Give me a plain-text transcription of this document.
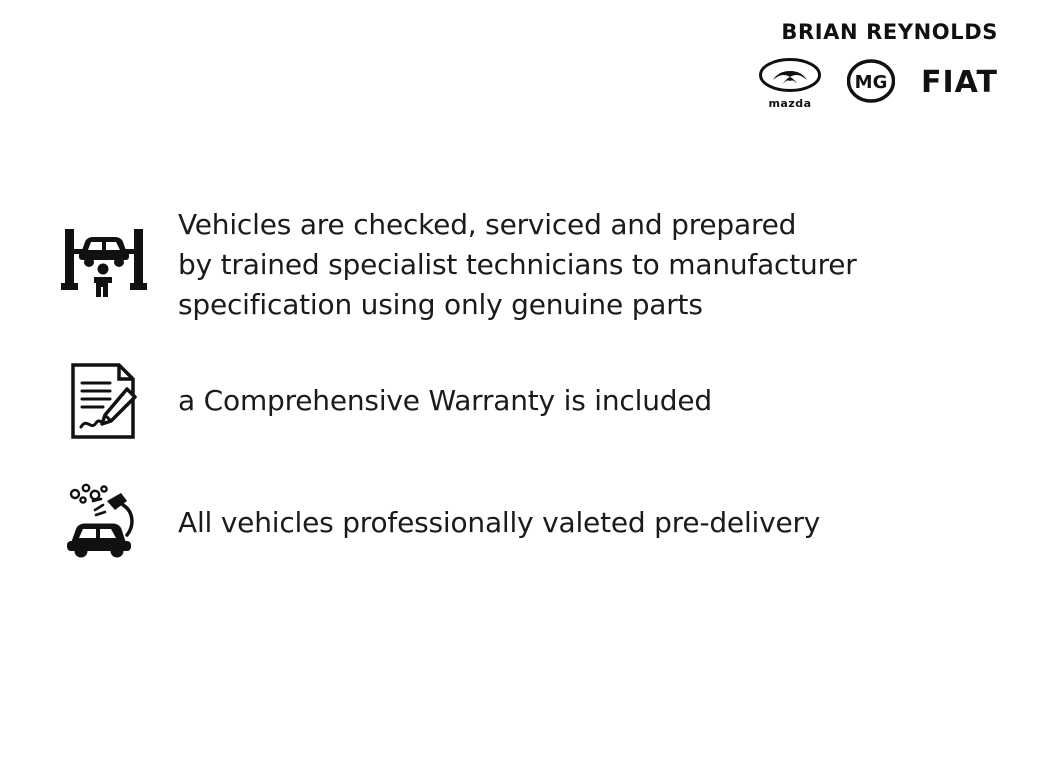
BRIAN REYNOLDS
mazda
MG FIAT
Vehicles are checked, serviced and prepared
by trained specialist technicians to manufacturer
specification using only genuine parts
a Comprehensive Warranty is included
All vehicles professionally valeted pre-delivery
